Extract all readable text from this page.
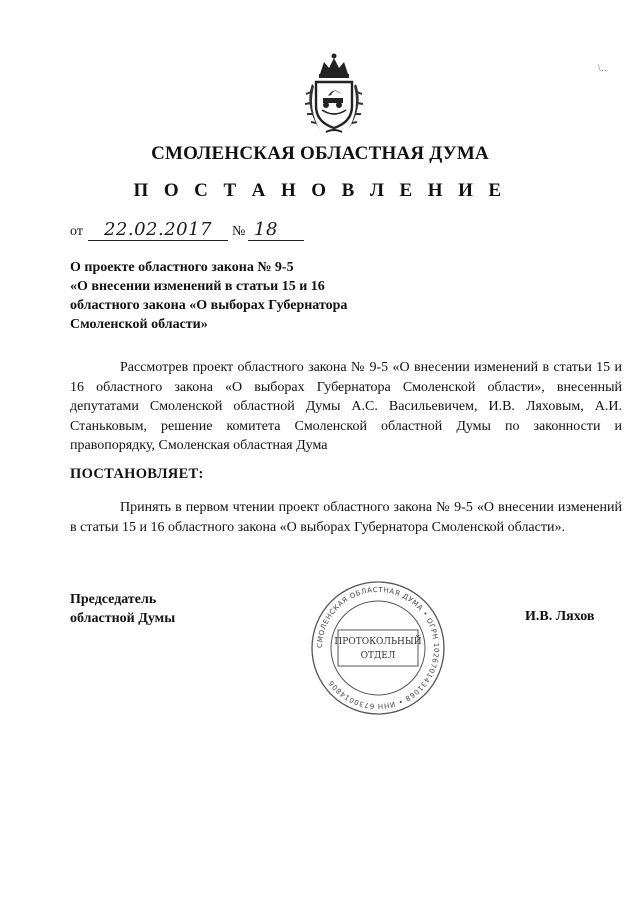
\..
СМОЛЕНСКАЯ ОБЛАСТНАЯ ДУМА
П О С Т А Н О В Л Е Н И Е
от	22.02.2017	№ 18
О проекте областного закона № 9-5
«О внесении изменений в статьи 15 и 16
областного закона «О выборах Губернатора
Смоленской области»
Рассмотрев проект областного закона № 9-5 «О внесении изменений в статьи 15 и 16 областного закона «О выборах Губернатора Смоленской области», внесенный депутатами Смоленской областной Думы А.С. Васильевичем, И.В. Ляховым, А.И. Станьковым, решение комитета Смоленской областной Думы по законности и правопорядку, Смоленская областная Дума
ПОСТАНОВЛЯЕТ:
Принять в первом чтении проект областного закона № 9-5 «О внесении изменений в статьи 15 и 16 областного закона «О выборах Губернатора Смоленской области».
Председатель
областной Думы
СМОЛЕНСКАЯ ОБЛАСТНАЯ ДУМА • ОГРН 1026701431068 • ИНН 6730014806
ПРОТОКОЛЬНЫЙ
ОТДЕЛ
И.В. Ляхов
